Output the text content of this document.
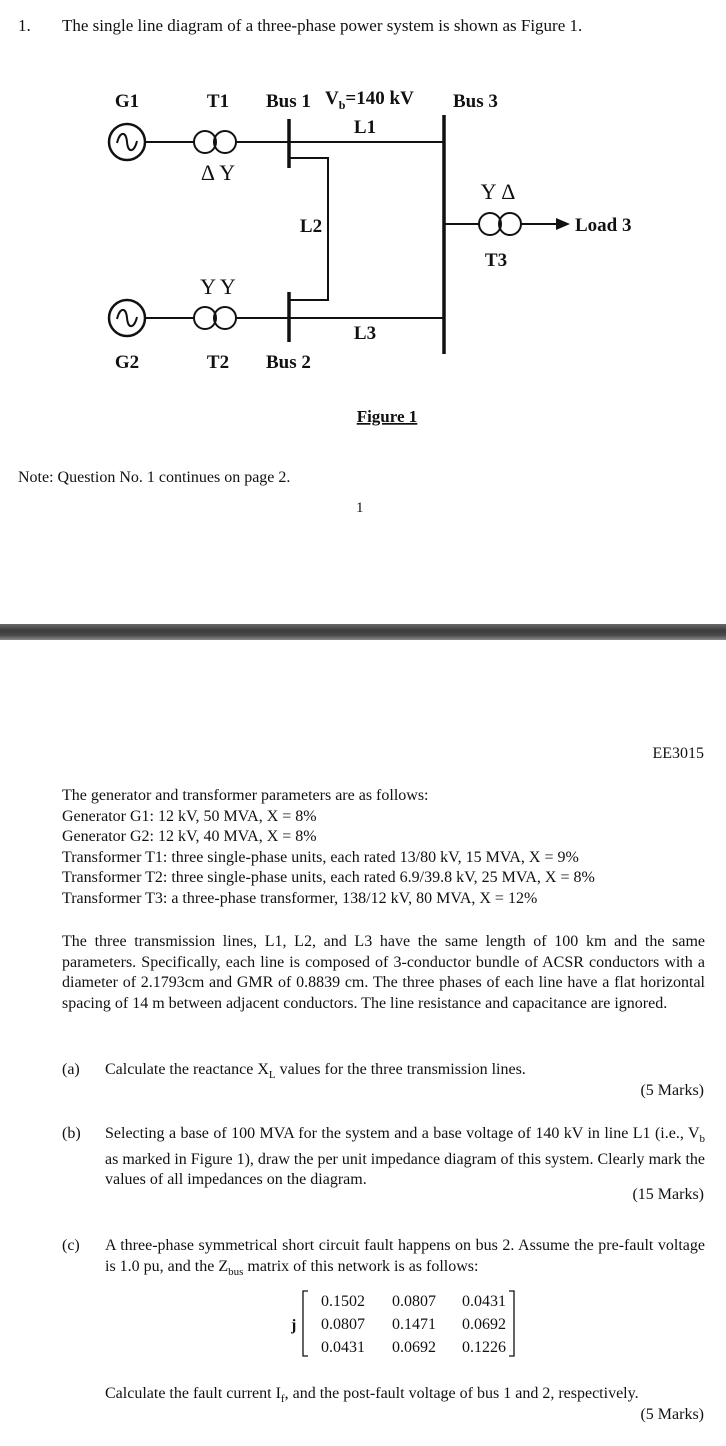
1. The single line diagram of a three-phase power system is shown as Figure 1.
G1	T1 Bus 1 $V_b=140$ kV Bus 3
L1
L2	Load 3
T3
L3
G2	T2 Bus 2
Δ Y
Y Δ
Y Y
Figure 1
Note: Question No. 1 continues on page 2.
1
EE3015
The generator and transformer parameters are as follows:
Generator G1: 12 kV, 50 MVA, X = 8%
Generator G2: 12 kV, 40 MVA, X = 8%
Transformer T1: three single-phase units, each rated 13/80 kV, 15 MVA, X = 9%
Transformer T2: three single-phase units, each rated 6.9/39.8 kV, 25 MVA, X = 8%
Transformer T3: a three-phase transformer, 138/12 kV, 80 MVA, X = 12%
The three transmission lines, L1, L2, and L3 have the same length of 100 km and the same parameters. Specifically, each line is composed of 3-conductor bundle of ACSR conductors with a diameter of 2.1793cm and GMR of 0.8839 cm. The three phases of each line have a flat horizontal spacing of 14 m between adjacent conductors. The line resistance and capacitance are ignored.
(a) Calculate the reactance $X_L$ values for the three transmission lines.
(5 Marks)
(b) Selecting a base of 100 MVA for the system and a base voltage of 140 kV in line L1 (i.e., $V_b$ as marked in Figure 1), draw the per unit impedance diagram of this system. Clearly mark the values of all impedances on the diagram.
(15 Marks)
(c) A three-phase symmetrical short circuit fault happens on bus 2. Assume the pre-fault voltage is 1.0 pu, and the $Z_{bus}$ matrix of this network is as follows:
j
0.1502 0.0807 0.0431
0.0807 0.1471 0.0692
0.0431 0.0692 0.1226
Calculate the fault current $I_f$, and the post-fault voltage of bus 1 and 2, respectively.
(5 Marks)
